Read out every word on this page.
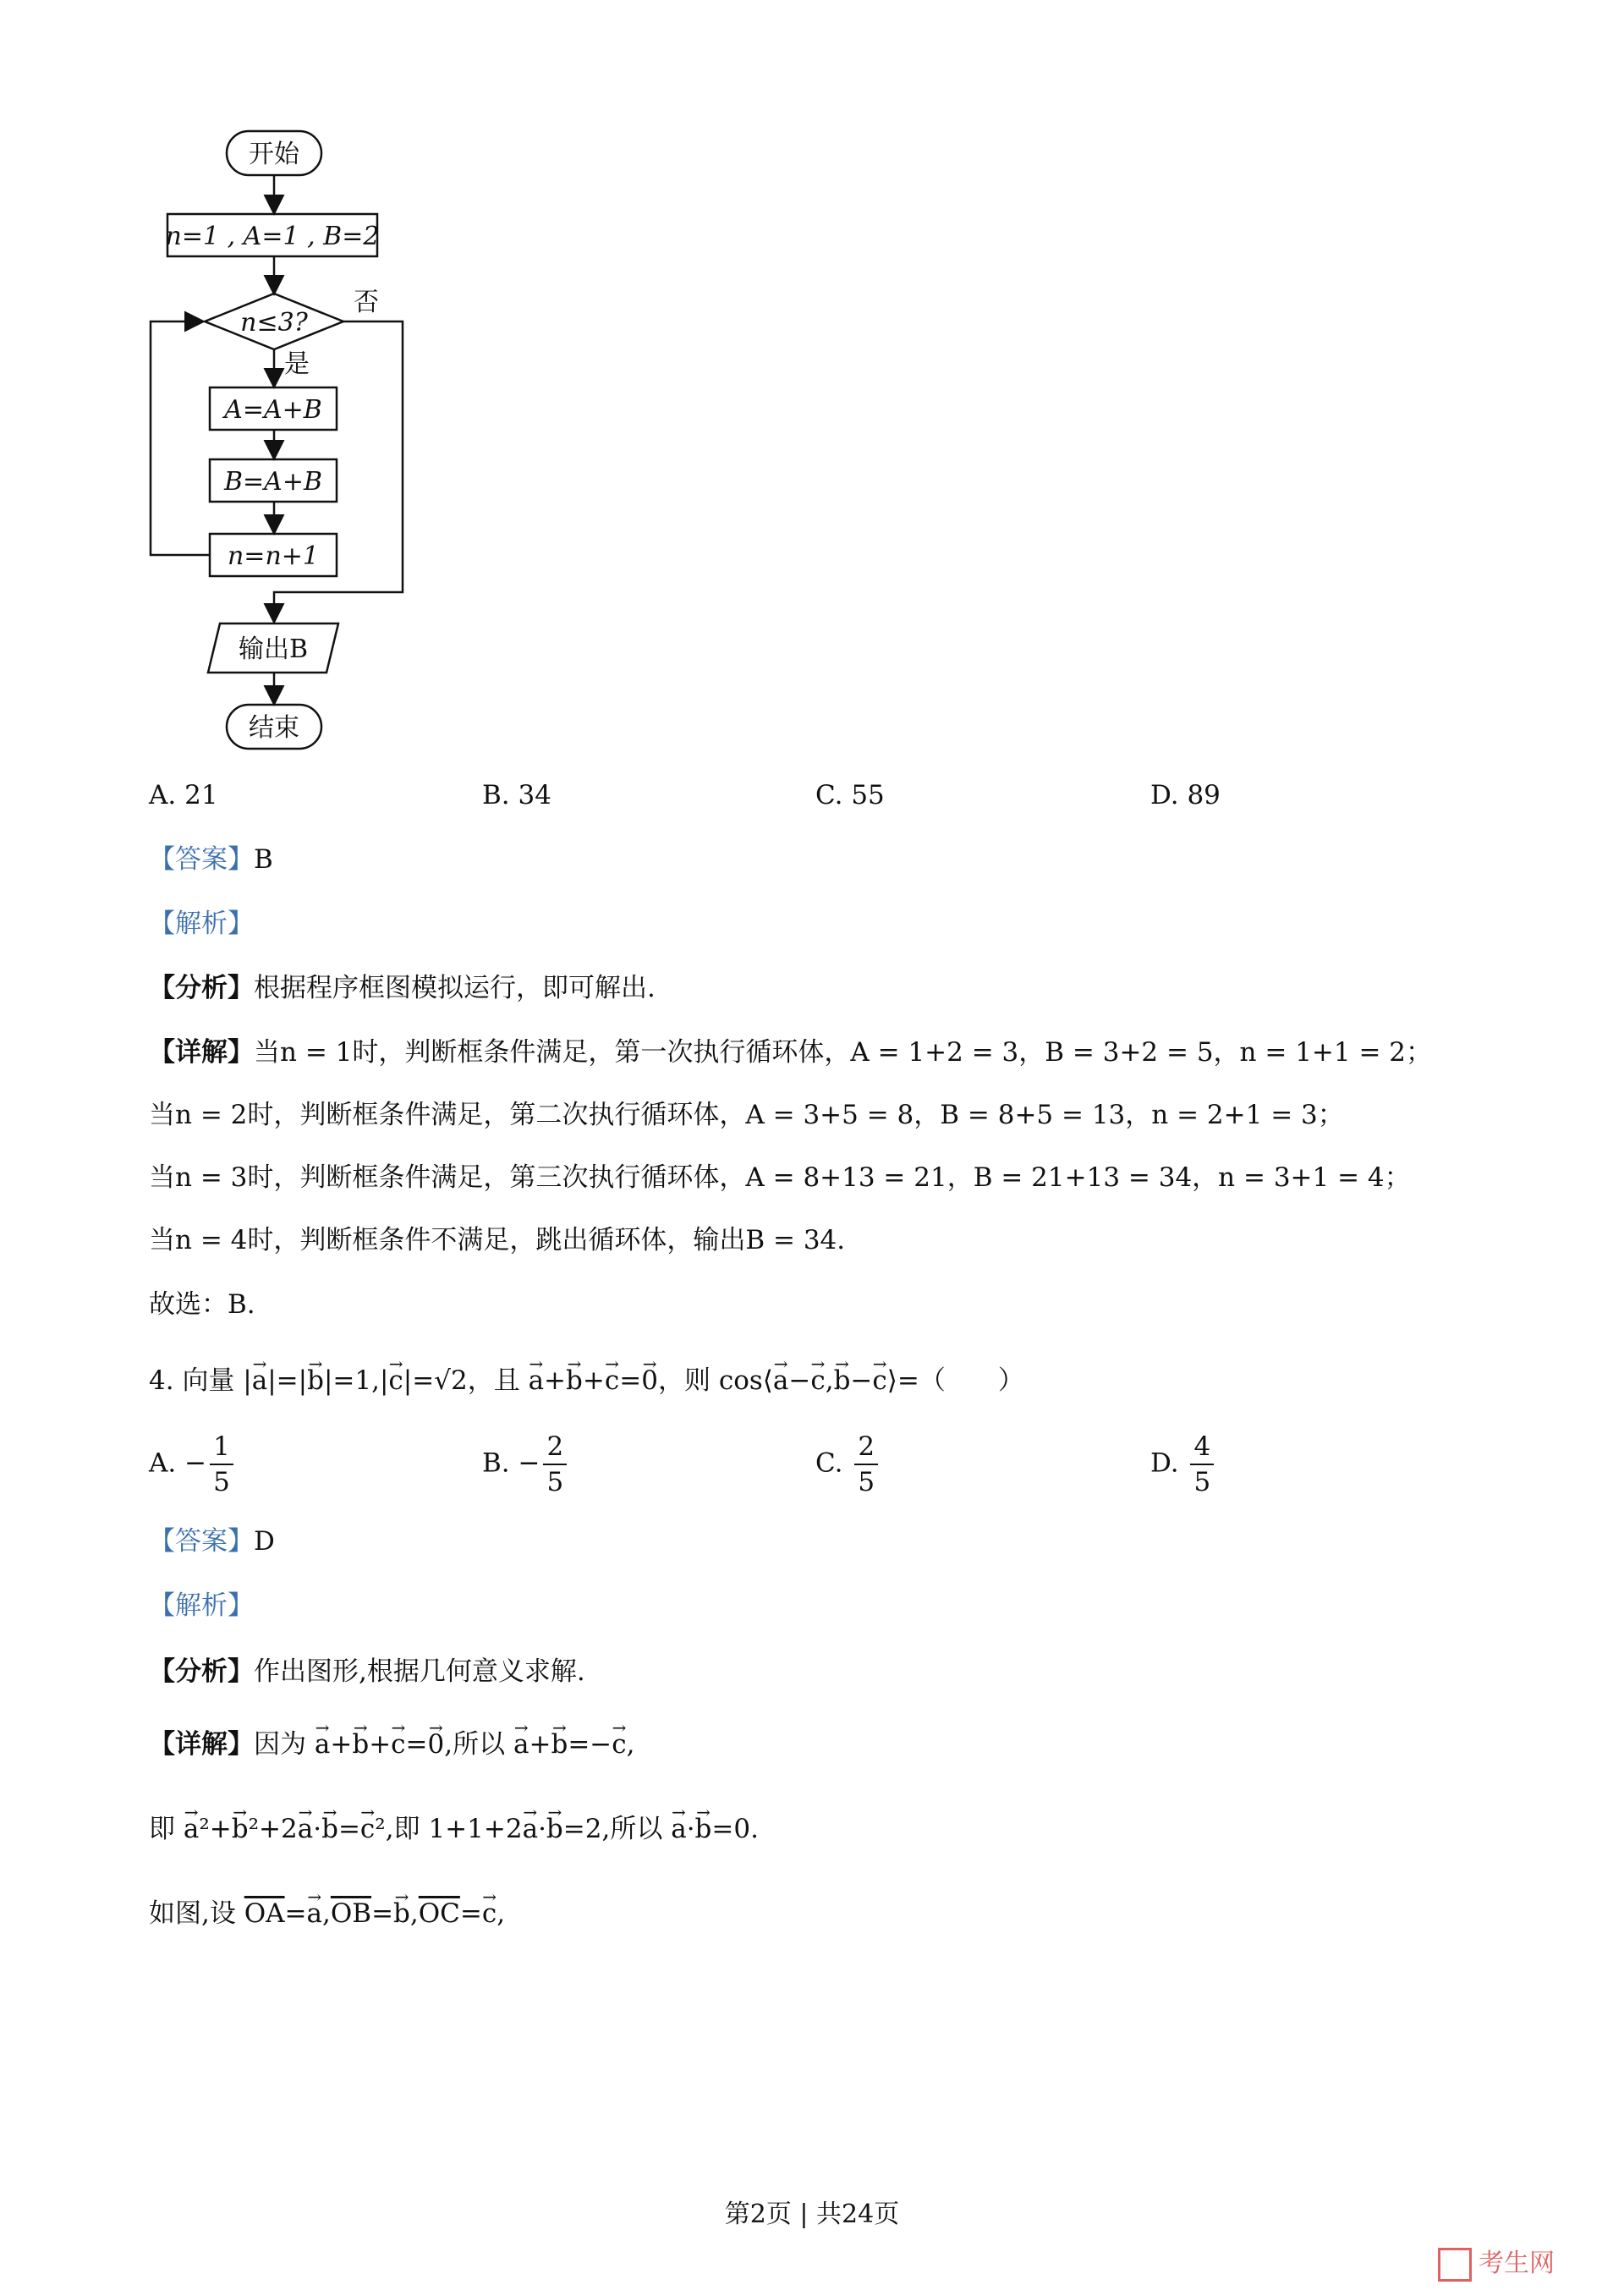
开始
n=1 , A=1 , B=2
n≤3?
否
是
A=A+B
B=A+B
n=n+1
输出B
结束
A. 21	B. 34	C. 55	D. 89
【答案】B
【解析】
【分析】根据程序框图模拟运行，即可解出.
【详解】当n = 1时，判断框条件满足，第一次执行循环体，A = 1+2 = 3，B = 3+2 = 5，n = 1+1 = 2；
当n = 2时，判断框条件满足，第二次执行循环体，A = 3+5 = 8，B = 8+5 = 13，n = 2+1 = 3；
当n = 3时，判断框条件满足，第三次执行循环体，A = 8+13 = 21，B = 21+13 = 34，n = 3+1 = 4；
当n = 4时，判断框条件不满足，跳出循环体，输出B = 34.
故选：B.
4. 向量 |→ a|=|→ b|=1,|→ c|=√2，且 → a+→ b+→ c=→ 0，则 cos⟨→ a−→ c,→ b−→ c⟩=（　　）
A. − $\frac{1}{5}$	B. − $\frac{2}{5}$	C. $\frac{2}{5}$	D. $\frac{4}{5}$
【答案】D
【解析】
【分析】作出图形,根据几何意义求解.
【详解】因为 → a+→ b+→ c=→ 0,所以 → a+→ b=−→ c,
即 → a²+→ b²+2→ a·→ b=→ c²,即 1+1+2→ a·→ b=2,所以 → a·→ b=0.
如图,设 $\overline{OA}=\to a,\overline{OB}=\to b,\overline{OC}=\to c$,
第2页 | 共24页
考生网
